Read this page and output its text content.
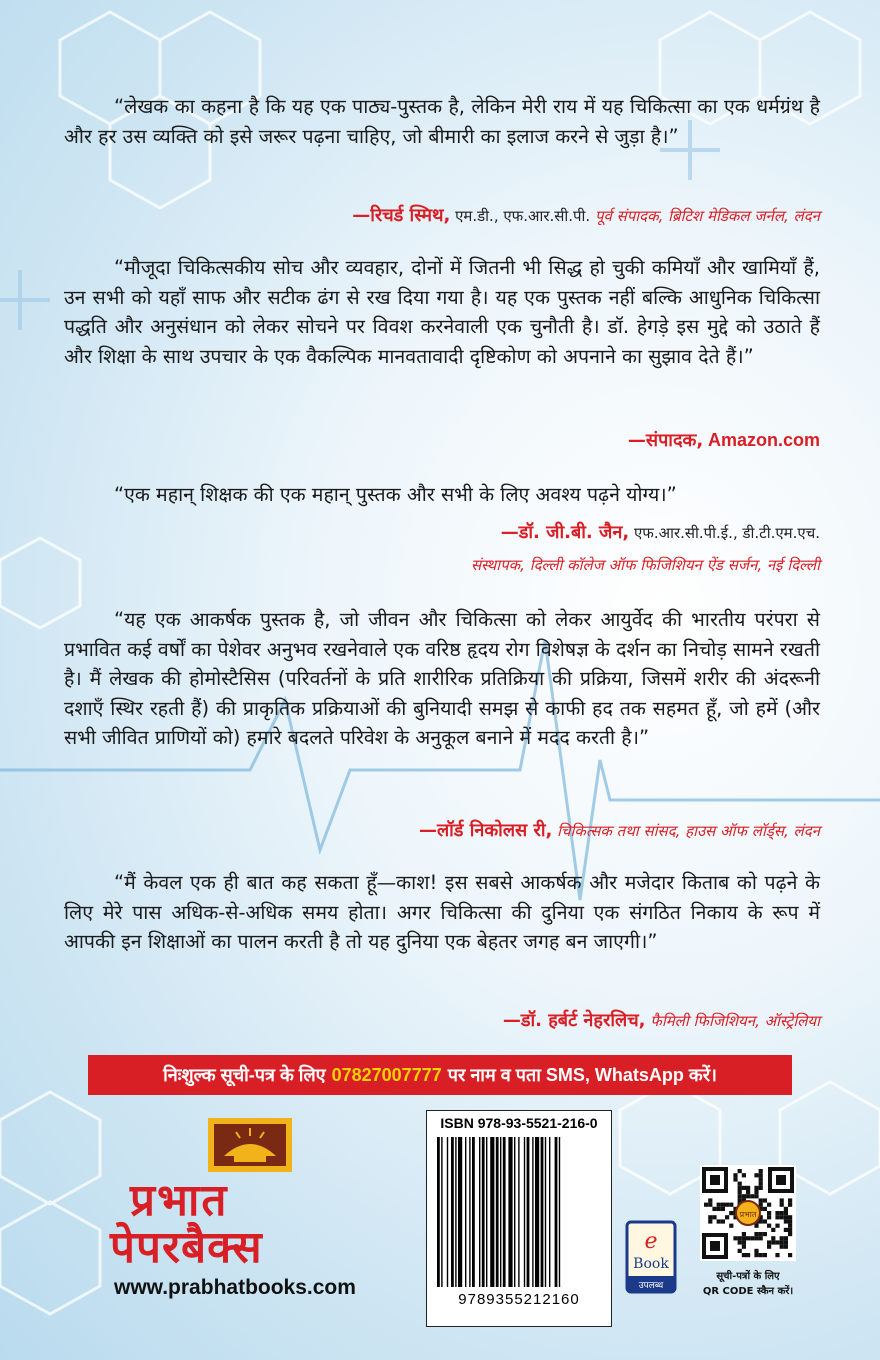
“लेखक का कहना है कि यह एक पाठ्य-पुस्तक है, लेकिन मेरी राय में यह चिकित्सा का एक धर्मग्रंथ है और हर उस व्यक्ति को इसे जरूर पढ़ना चाहिए, जो बीमारी का इलाज करने से जुड़ा है।”

—रिचर्ड स्मिथ, एम.डी., एफ.आर.सी.पी. पूर्व संपादक, ब्रिटिश मेडिकल जर्नल, लंदन

“मौजूदा चिकित्सकीय सोच और व्यवहार, दोनों में जितनी भी सिद्ध हो चुकी कमियाँ और खामियाँ हैं, उन सभी को यहाँ साफ और सटीक ढंग से रख दिया गया है। यह एक पुस्तक नहीं बल्कि आधुनिक चिकित्सा पद्धति और अनुसंधान को लेकर सोचने पर विवश करनेवाली एक चुनौती है। डॉ. हेगड़े इस मुद्दे को उठाते हैं और शिक्षा के साथ उपचार के एक वैकल्पिक मानवतावादी दृष्टिकोण को अपनाने का सुझाव देते हैं।”

—संपादक, Amazon.com

“एक महान् शिक्षक की एक महान् पुस्तक और सभी के लिए अवश्य पढ़ने योग्य।”

—डॉ. जी.बी. जैन, एफ.आर.सी.पी.ई., डी.टी.एम.एच.
संस्थापक, दिल्ली कॉलेज ऑफ फिजिशियन ऐंड सर्जन, नई दिल्ली

“यह एक आकर्षक पुस्तक है, जो जीवन और चिकित्सा को लेकर आयुर्वेद की भारतीय परंपरा से प्रभावित कई वर्षों का पेशेवर अनुभव रखनेवाले एक वरिष्ठ हृदय रोग विशेषज्ञ के दर्शन का निचोड़ सामने रखती है। मैं लेखक की होमोस्टैसिस (परिवर्तनों के प्रति शारीरिक प्रतिक्रिया की प्रक्रिया, जिसमें शरीर की अंदरूनी दशाएँ स्थिर रहती हैं) की प्राकृतिक प्रक्रियाओं की बुनियादी समझ से काफी हद तक सहमत हूँ, जो हमें (और सभी जीवित प्राणियों को) हमारे बदलते परिवेश के अनुकूल बनाने में मदद करती है।”

—लॉर्ड निकोलस री, चिकित्सक तथा सांसद, हाउस ऑफ लॉर्ड्स, लंदन

“मैं केवल एक ही बात कह सकता हूँ—काश! इस सबसे आकर्षक और मजेदार किताब को पढ़ने के लिए मेरे पास अधिक-से-अधिक समय होता। अगर चिकित्सा की दुनिया एक संगठित निकाय के रूप में आपकी इन शिक्षाओं का पालन करती है तो यह दुनिया एक बेहतर जगह बन जाएगी।”

—डॉ. हर्बर्ट नेहरलिच, फैमिली फिजिशियन, ऑस्ट्रेलिया
निःशुल्क सूची-पत्र के लिए 07827007777 पर नाम व पता SMS, WhatsApp करें।
प्रभात
पेपरबैक्स
www.prabhatbooks.com
ISBN 978-93-5521-216-0
9789355212160
e
Book
उपलब्ध
प्रभात
सूची-पत्रों के लिए
QR CODE स्कैन करें।
